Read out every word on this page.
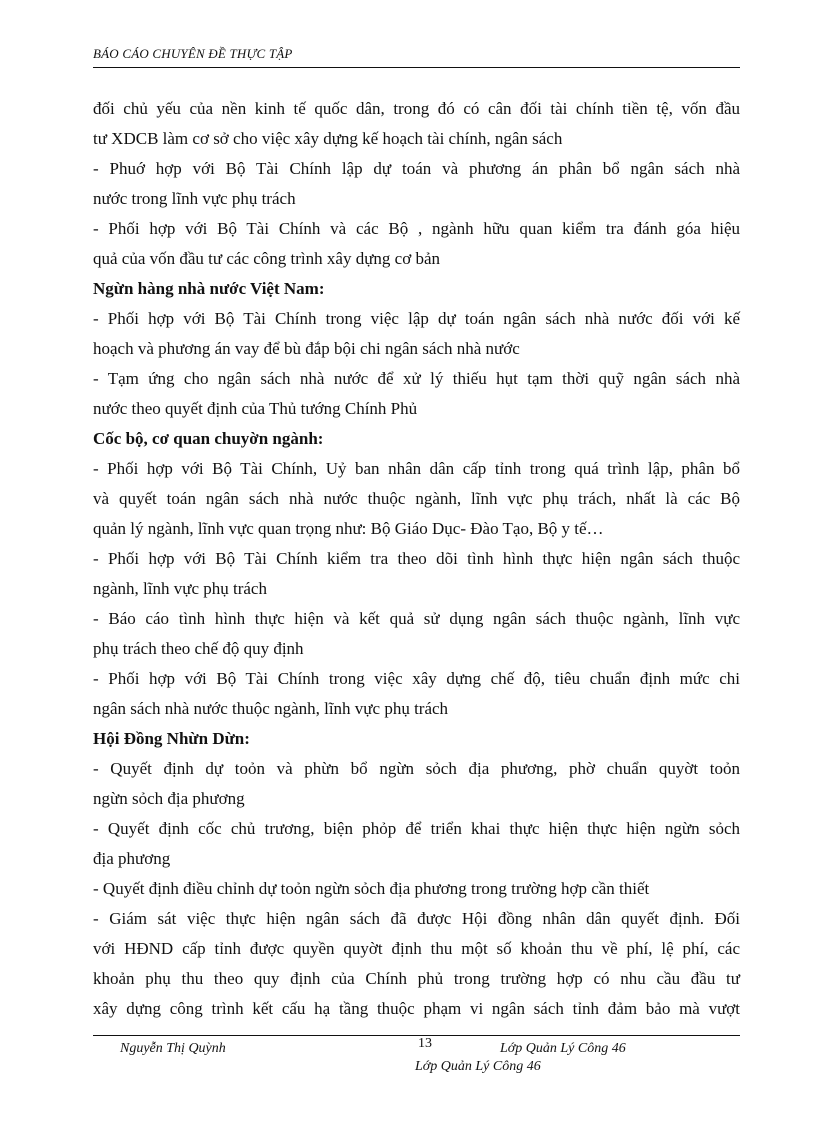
BÁO CÁO CHUYÊN ĐỀ THỰC TẬP
đối chủ yếu của nền kinh tế quốc dân, trong đó có cân đối tài chính tiền tệ, vốn đầu
tư XDCB làm cơ sở cho việc xây dựng kế hoạch tài chính, ngân sách
- Phuớ hợp với Bộ Tài Chính lập dự toán và phương án phân bổ ngân sách nhà
nước trong lĩnh vực phụ trách
- Phối hợp với Bộ Tài Chính và các Bộ , ngành hữu quan kiểm tra đánh góa hiệu
quả của vốn đầu tư các công trình xây dựng cơ bản
Ngừn hàng nhà nước Việt Nam:
- Phối hợp với Bộ Tài Chính trong việc lập dự toán ngân sách nhà nước đối với kế
hoạch và phương án vay để bù đắp bội chi ngân sách nhà nước
- Tạm ứng cho ngân sách nhà nước để xử lý thiếu hụt tạm thời quỹ ngân sách nhà
nước theo quyết định của Thủ tướng Chính Phủ
Cốc bộ, cơ quan chuyờn ngành:
- Phối hợp với Bộ Tài Chính, Uỷ ban nhân dân cấp tỉnh trong quá trình lập, phân bổ
và quyết toán ngân sách nhà nước thuộc ngành, lĩnh vực phụ trách, nhất là các Bộ
quản lý ngành, lĩnh vực quan trọng như: Bộ Giáo Dục- Đào Tạo, Bộ y tế…
- Phối hợp với Bộ Tài Chính kiểm tra theo dõi tình hình thực hiện ngân sách thuộc
ngành, lĩnh vực phụ trách
- Báo cáo tình hình thực hiện và kết quả sử dụng ngân sách thuộc ngành, lĩnh vực
phụ trách theo chế độ quy định
- Phối hợp với Bộ Tài Chính trong việc xây dựng chế độ, tiêu chuẩn định mức chi
ngân sách nhà nước thuộc ngành, lĩnh vực phụ trách
Hội Đồng Nhừn Dừn:
- Quyết định dự toỏn và phừn bổ ngừn sỏch địa phương, phờ chuẩn quyờt toỏn
ngừn sỏch địa phương
- Quyết định cốc chủ trương, biện phỏp để triển khai thực hiện thực hiện ngừn sỏch
địa phương
- Quyết định điều chỉnh dự toỏn ngừn sỏch địa phương trong trường hợp cần thiết
- Giám sát việc thực hiện ngân sách đã được Hội đồng nhân dân quyết định. Đối
với HĐND cấp tỉnh được quyền quyờt định thu một số khoản thu về phí, lệ phí, các
khoản phụ thu theo quy định của Chính phủ trong trường hợp có nhu cầu đầu tư
xây dựng công trình kết cấu hạ tầng thuộc phạm vi ngân sách tỉnh đảm bảo mà vượt
Nguyễn Thị Quỳnh	13	Lớp Quản Lý Công 46
Lớp Quản Lý Công 46
